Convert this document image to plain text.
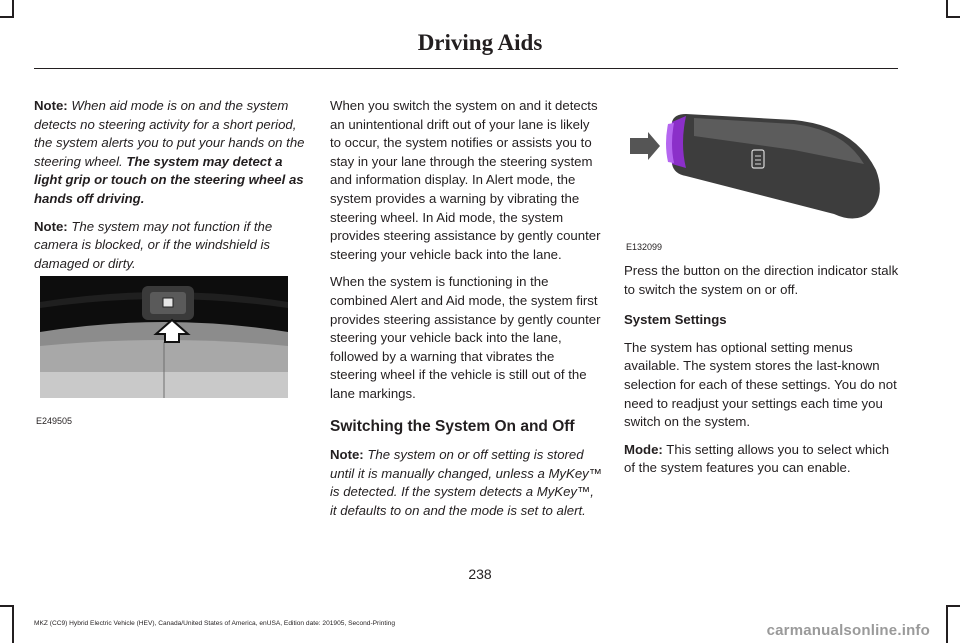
Driving Aids

Note: When aid mode is on and the system detects no steering activity for a short period, the system alerts you to put your hands on the steering wheel. The system may detect a light grip or touch on the steering wheel as hands off driving.

Note: The system may not function if the camera is blocked, or if the windshield is damaged or dirty.

E249505

When you switch the system on and it detects an unintentional drift out of your lane is likely to occur, the system notifies or assists you to stay in your lane through the steering system and information display. In Alert mode, the system provides a warning by vibrating the steering wheel. In Aid mode, the system provides steering assistance by gently counter steering your vehicle back into the lane.

When the system is functioning in the combined Alert and Aid mode, the system first provides steering assistance by gently counter steering your vehicle back into the lane, followed by a warning that vibrates the steering wheel if the vehicle is still out of the lane markings.

Switching the System On and Off

Note: The system on or off setting is stored until it is manually changed, unless a MyKey™ is detected. If the system detects a MyKey™, it defaults to on and the mode is set to alert.

E132099

Press the button on the direction indicator stalk to switch the system on or off.

System Settings

The system has optional setting menus available. The system stores the last-known selection for each of these settings. You do not need to readjust your settings each time you switch on the system.

Mode: This setting allows you to select which of the system features you can enable.

238
MKZ (CC9) Hybrid Electric Vehicle (HEV), Canada/United States of America, enUSA, Edition date: 201905, Second-Printing	carmanualsonline.info
